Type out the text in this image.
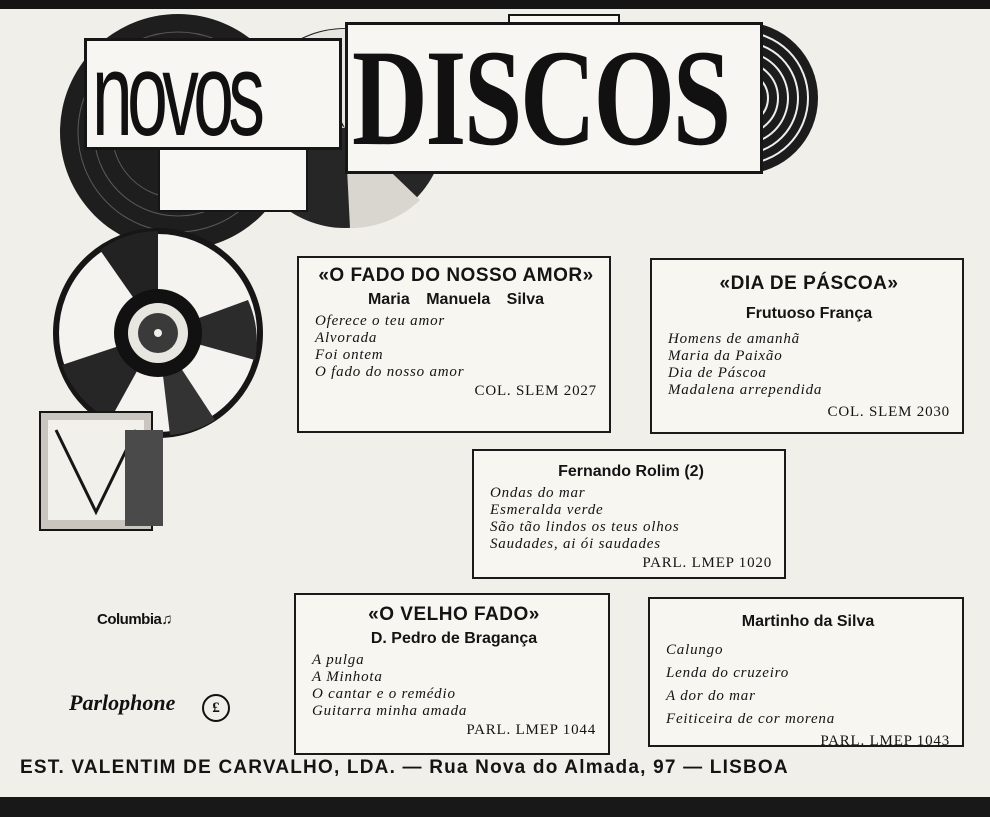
novos DISCOS
«O FADO DO NOSSO AMOR»
Maria Manuela Silva
Oferece o teu amor
Alvorada
Foi ontem
O fado do nosso amor
COL. SLEM 2027
«DIA DE PÁSCOA»
Frutuoso França
Homens de amanhã
Maria da Paixão
Dia de Páscoa
Madalena arrependida
COL. SLEM 2030
Fernando Rolim (2)
Ondas do mar
Esmeralda verde
São tão lindos os teus olhos
Saudades, ai ói saudades
PARL. LMEP 1020
«O VELHO FADO»
D. Pedro de Bragança
A pulga
A Minhota
O cantar e o remédio
Guitarra minha amada
PARL. LMEP 1044
Martinho da Silva
Calungo
Lenda do cruzeiro
A dor do mar
Feiticeira de cor morena
PARL. LMEP 1043
Columbia♫
Parlophone	£
EST. VALENTIM DE CARVALHO, LDA. — Rua Nova do Almada, 97 — LISBOA
